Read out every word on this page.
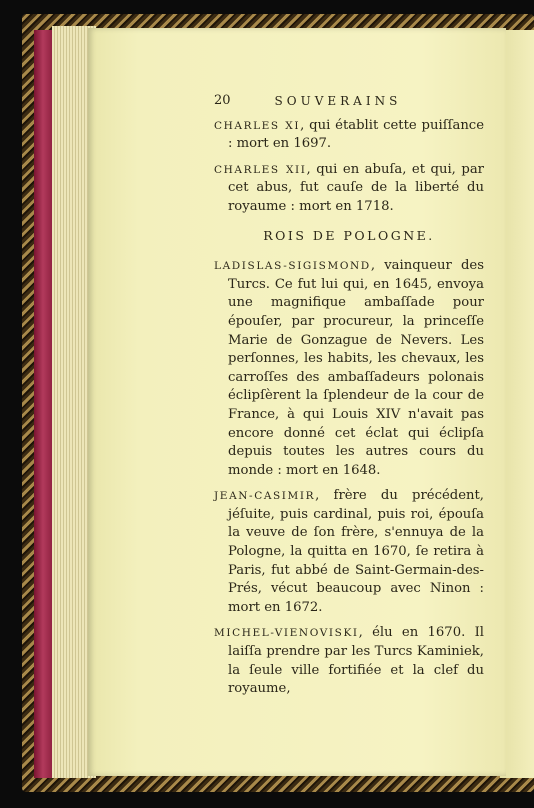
20	SOUVERAINS
CHARLES XI, qui établit cette puiſſance : mort en 1697.
CHARLES XII, qui en abuſa, et qui, par cet abus, fut cauſe de la liberté du royaume : mort en 1718.
ROIS DE POLOGNE.
LADISLAS-SIGISMOND, vainqueur des Turcs. Ce fut lui qui, en 1645, envoya une magnifique ambaſſade pour épouſer, par procureur, la princeſſe Marie de Gonzague de Nevers. Les perſonnes, les habits, les chevaux, les carroſſes des ambaſſadeurs polonais éclipſèrent la ſplendeur de la cour de France, à qui Louis XIV n'avait pas encore donné cet éclat qui éclipſa depuis toutes les autres cours du monde : mort en 1648.
JEAN-CASIMIR, frère du précédent, jéſuite, puis cardinal, puis roi, épouſa la veuve de ſon frère, s'ennuya de la Pologne, la quitta en 1670, ſe retira à Paris, fut abbé de Saint-Germain-des-Prés, vécut beaucoup avec Ninon : mort en 1672.
MICHEL-VIENOVISKI, élu en 1670. Il laiſſa prendre par les Turcs Kaminiek, la ſeule ville fortifiée et la clef du royaume,
